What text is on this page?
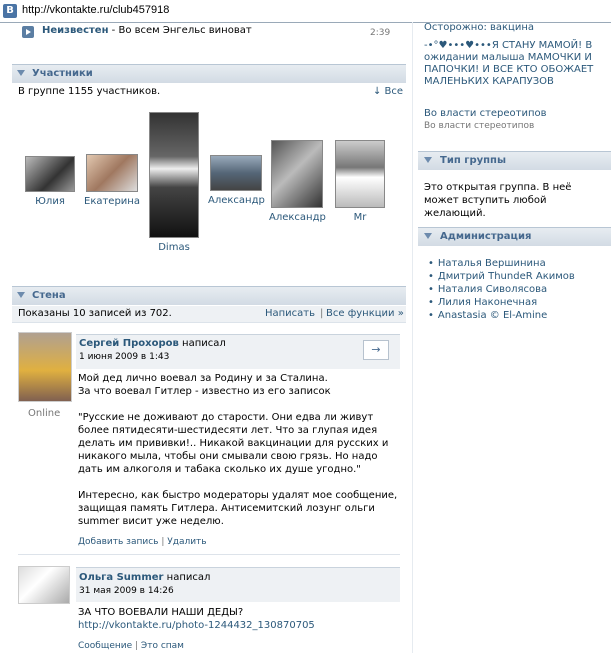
В http://vkontakte.ru/club457918
Неизвестен - Во всем Энгельс виноват	2:39
Участники
В группе 1155 участников.	↓ Все
Юлия	Екатерина
Dimas
Александр
Александр	Mr
Стена
Показаны 10 записей из 702.	Написать | Все функции »
Online
Сергей Прохоров написал
1 июня 2009 в 1:43
→
Мой дед лично воевал за Родину и за Сталина.
За что воевал Гитлер - известно из его записок
"Русские не доживают до старости. Они едва ли живут более пятидесяти-шестидесяти лет. Что за глупая идея делать им прививки!.. Никакой вакцинации для русских и никакого мыла, чтобы они смывали свою грязь. Но надо дать им алкоголя и табака сколько их душе угодно."
Интересно, как быстро модераторы удалят мое сообщение, защищая память Гитлера. Антисемитский лозунг ольги summer висит уже неделю.
Добавить запись | Удалить
Ольга Summer написал
31 мая 2009 в 14:26
ЗА ЧТО ВОЕВАЛИ НАШИ ДЕДЫ?
http://vkontakte.ru/photo-1244432_130870705
Сообщение | Это спам
Осторожно: вакцина
-•°♥•••♥•••Я СТАНУ МАМОЙ! В ожидании малыша МАМОЧКИ И ПАПОЧКИ! И ВСЕ КТО ОБОЖАЕТ МАЛЕНЬКИХ КАРАПУЗОВ
Во власти стереотипов
Во власти стереотипов
Тип группы
Это открытая группа. В неё может вступить любой желающий.
Администрация
• Наталья Вершинина
• Дмитрий ThundeR Акимов
• Наталия Сиволясова
• Лилия Наконечная
• Anastasia © El-Amine
